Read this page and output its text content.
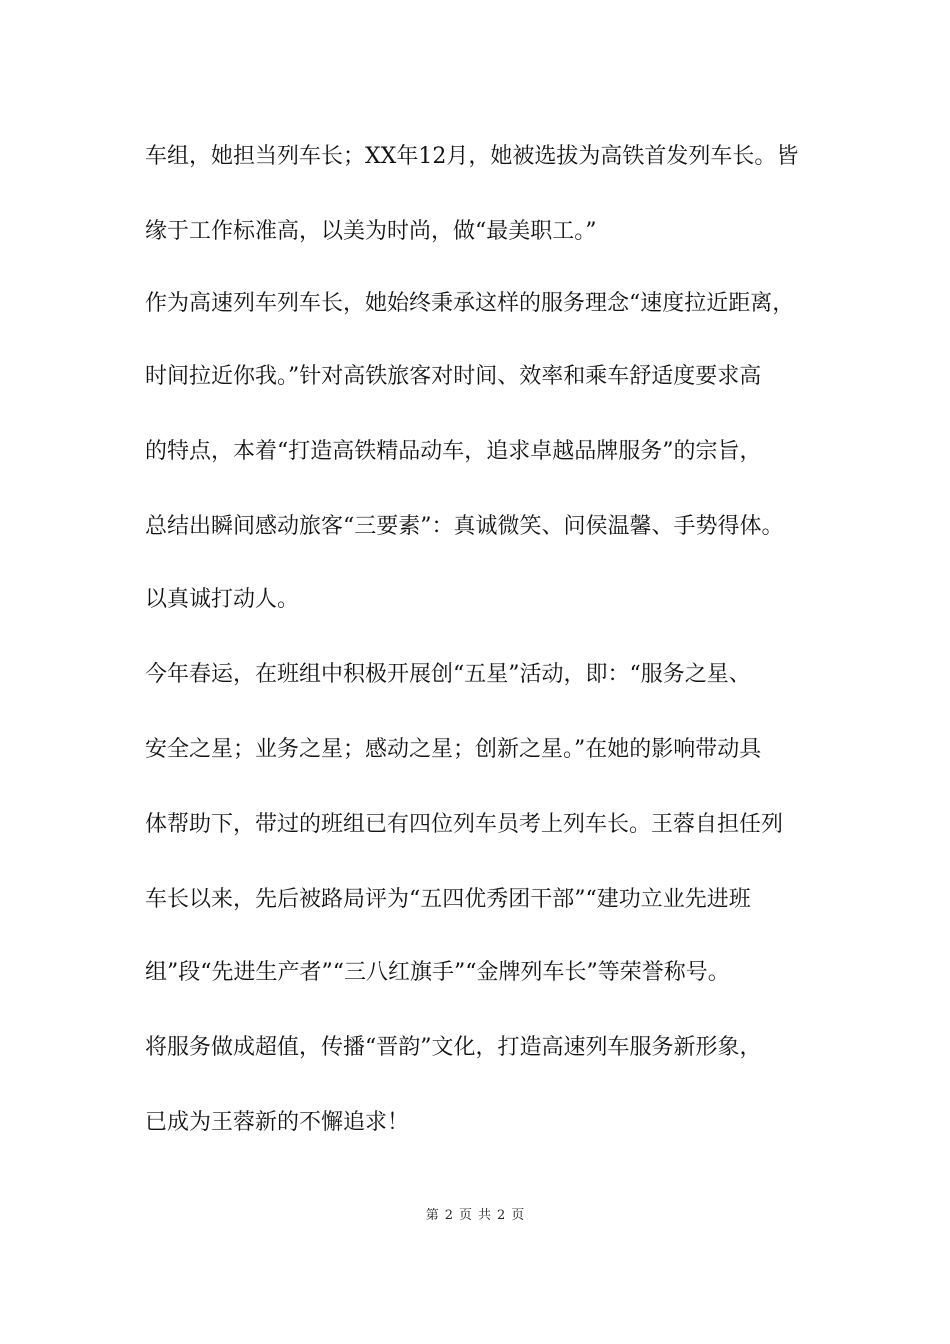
车组，她担当列车长；XX年12月，她被选拔为高铁首发列车长。皆
缘于工作标准高，以美为时尚，做“最美职工。”
作为高速列车列车长，她始终秉承这样的服务理念“速度拉近距离，
时间拉近你我。”针对高铁旅客对时间、效率和乘车舒适度要求高
的特点，本着“打造高铁精品动车，追求卓越品牌服务”的宗旨，
总结出瞬间感动旅客“三要素”：真诚微笑、问侯温馨、手势得体。
以真诚打动人。
今年春运，在班组中积极开展创“五星”活动，即：“服务之星、
安全之星；业务之星；感动之星；创新之星。”在她的影响带动具
体帮助下，带过的班组已有四位列车员考上列车长。王蓉自担任列
车长以来，先后被路局评为“五四优秀团干部”“建功立业先进班
组”段“先进生产者”“三八红旗手”“金牌列车长”等荣誉称号。
将服务做成超值，传播“晋韵”文化，打造高速列车服务新形象，
已成为王蓉新的不懈追求！
第 2 页 共 2 页
